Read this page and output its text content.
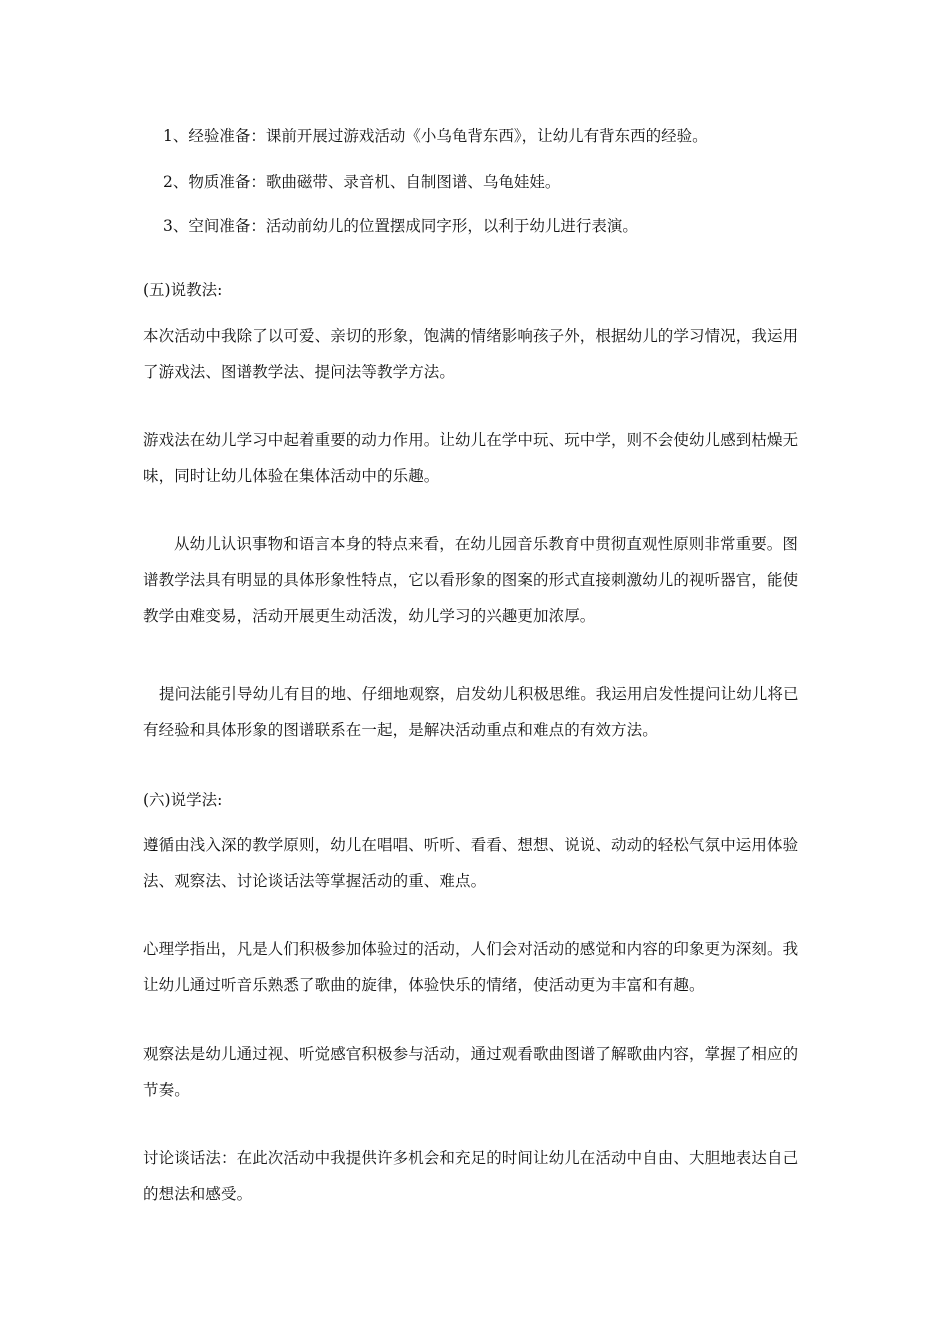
1、经验准备：课前开展过游戏活动《小乌龟背东西》，让幼儿有背东西的经验。
2、物质准备：歌曲磁带、录音机、自制图谱、乌龟娃娃。
3、空间准备：活动前幼儿的位置摆成同字形，以利于幼儿进行表演。
(五)说教法:
本次活动中我除了以可爱、亲切的形象，饱满的情绪影响孩子外，根据幼儿的学习情况，我运用了游戏法、图谱教学法、提问法等教学方法。
游戏法在幼儿学习中起着重要的动力作用。让幼儿在学中玩、玩中学，则不会使幼儿感到枯燥无味，同时让幼儿体验在集体活动中的乐趣。
从幼儿认识事物和语言本身的特点来看，在幼儿园音乐教育中贯彻直观性原则非常重要。图谱教学法具有明显的具体形象性特点，它以看形象的图案的形式直接刺激幼儿的视听器官，能使教学由难变易，活动开展更生动活泼，幼儿学习的兴趣更加浓厚。
提问法能引导幼儿有目的地、仔细地观察，启发幼儿积极思维。我运用启发性提问让幼儿将已有经验和具体形象的图谱联系在一起，是解决活动重点和难点的有效方法。
(六)说学法:
遵循由浅入深的教学原则，幼儿在唱唱、听听、看看、想想、说说、动动的轻松气氛中运用体验法、观察法、讨论谈话法等掌握活动的重、难点。
心理学指出，凡是人们积极参加体验过的活动，人们会对活动的感觉和内容的印象更为深刻。我让幼儿通过听音乐熟悉了歌曲的旋律，体验快乐的情绪，使活动更为丰富和有趣。
观察法是幼儿通过视、听觉感官积极参与活动，通过观看歌曲图谱了解歌曲内容，掌握了相应的节奏。
讨论谈话法：在此次活动中我提供许多机会和充足的时间让幼儿在活动中自由、大胆地表达自己的想法和感受。
